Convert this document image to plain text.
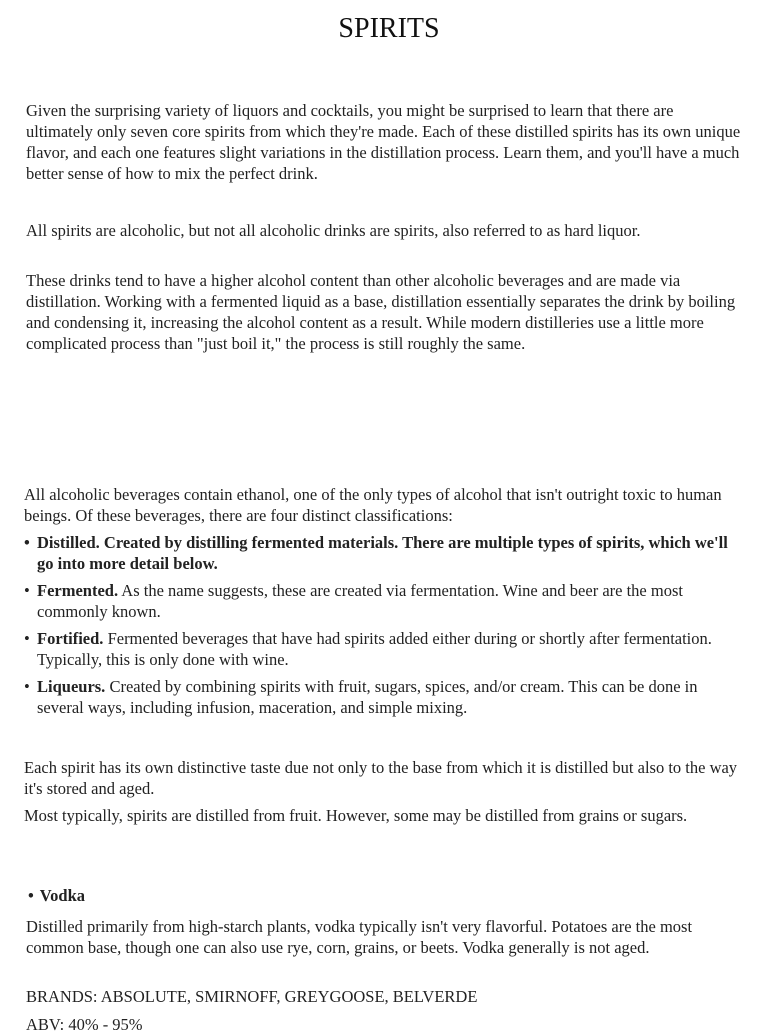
SPIRITS

Given the surprising variety of liquors and cocktails, you might be surprised to learn that there are ultimately only seven core spirits from which they're made. Each of these distilled spirits has its own unique flavor, and each one features slight variations in the distillation process. Learn them, and you'll have a much better sense of how to mix the perfect drink.

All spirits are alcoholic, but not all alcoholic drinks are spirits, also referred to as hard liquor.

These drinks tend to have a higher alcohol content than other alcoholic beverages and are made via distillation. Working with a fermented liquid as a base, distillation essentially separates the drink by boiling and condensing it, increasing the alcohol content as a result. While modern distilleries use a little more complicated process than "just boil it," the process is still roughly the same.

All alcoholic beverages contain ethanol, one of the only types of alcohol that isn't outright toxic to human beings. Of these beverages, there are four distinct classifications:

• Distilled. Created by distilling fermented materials. There are multiple types of spirits, which we'll go into more detail below.
• Fermented. As the name suggests, these are created via fermentation. Wine and beer are the most commonly known.
• Fortified. Fermented beverages that have had spirits added either during or shortly after fermentation. Typically, this is only done with wine.
• Liqueurs. Created by combining spirits with fruit, sugars, spices, and/or cream. This can be done in several ways, including infusion, maceration, and simple mixing.

Each spirit has its own distinctive taste due not only to the base from which it is distilled but also to the way it's stored and aged.

Most typically, spirits are distilled from fruit. However, some may be distilled from grains or sugars.

• Vodka

Distilled primarily from high-starch plants, vodka typically isn't very flavorful. Potatoes are the most common base, though one can also use rye, corn, grains, or beets. Vodka generally is not aged.

BRANDS: ABSOLUTE, SMIRNOFF, GREYGOOSE, BELVERDE

ABV: 40% - 95%
